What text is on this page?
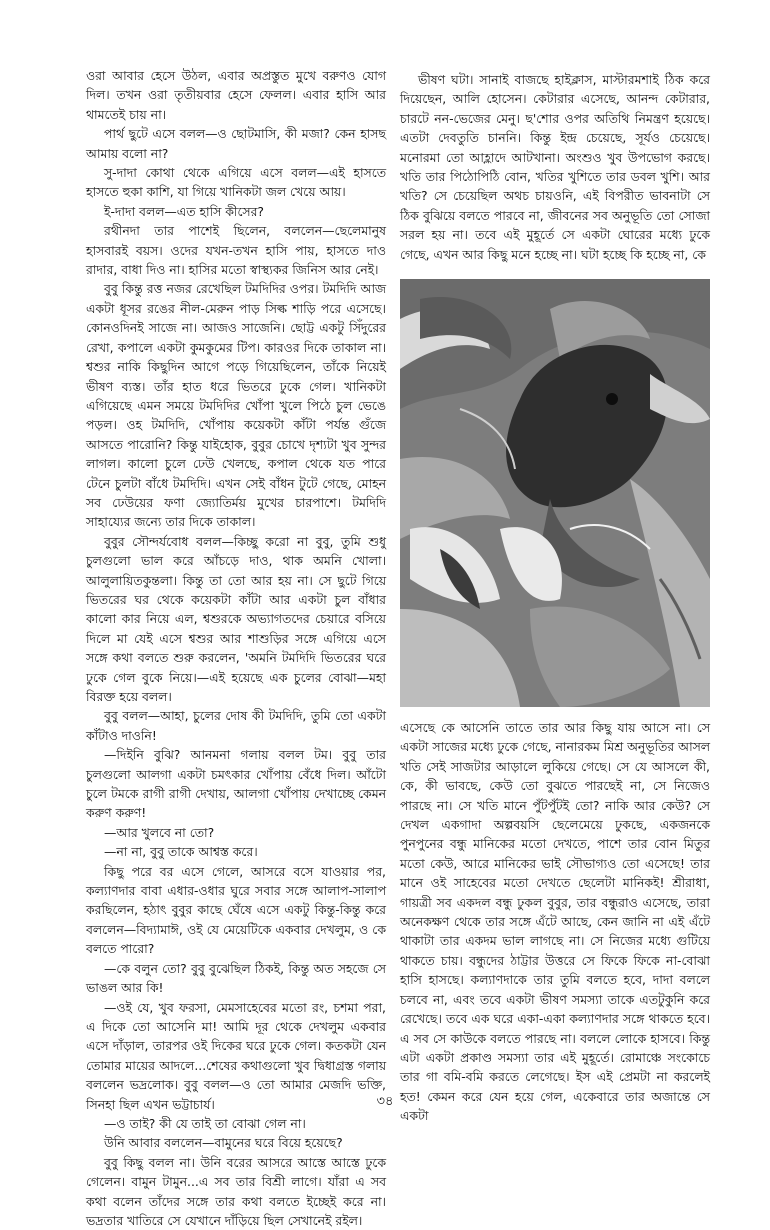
ওরা আবার হেসে উঠল, এবার অপ্রস্তুত মুখে বরুণও যোগ দিল। তখন ওরা তৃতীয়বার হেসে ফেলল। এবার হাসি আর থামতেই চায় না।

পার্থ ছুটে এসে বলল—ও ছোটমাসি, কী মজা? কেন হাসছ আমায় বলো না?

সু-দাদা কোথা থেকে এগিয়ে এসে বলল—এই হাসতে হাসতে হুকা কাশি, যা গিয়ে খানিকটা জল খেয়ে আয়।

ই-দাদা বলল—এত হাসি কীসের?

রথীনদা তার পাশেই ছিলেন, বললেন—ছেলেমানুষ হাসবারই বয়স। ওদের যখন-তখন হাসি পায়, হাসতে দাও রাদার, বাধা দিও না। হাসির মতো স্বাস্থ্যকর জিনিস আর নেই।

বুবু কিন্তু রত্ত নজর রেখেছিল টমদিদির ওপর। টমদিদি আজ একটা ধূসর রঙের নীল-মেরুন পাড় সিল্ক শাড়ি পরে এসেছে। কোনওদিনই সাজে না। আজও সাজেনি। ছোট্ট একটু সিঁদুরের রেখা, কপালে একটা কুমকুমের টিপ। কারওর দিকে তাকাল না। শ্বশুর নাকি কিছুদিন আগে পড়ে গিয়েছিলেন, তাঁকে নিয়েই ভীষণ ব্যস্ত। তাঁর হাত ধরে ভিতরে ঢুকে গেল। খানিকটা এগিয়েছে এমন সময়ে টমদিদির খোঁপা খুলে পিঠে চুল ভেঙে পড়ল। ওহ টমদিদি, খোঁপায় কয়েকটা কাঁটা পর্যন্ত গুঁজে আসতে পারোনি? কিন্তু যাইহোক, বুবুর চোখে দৃশ্যটা খুব সুন্দর লাগল। কালো চুলে ঢেউ খেলছে, কপাল থেকে যত পারে টেনে চুলটা বাঁধে টমদিদি। এখন সেই বাঁধন টুটে গেছে, মোহন সব ঢেউয়ের ফণা জ্যোতির্ময় মুখের চারপাশে। টমদিদি সাহায্যের জন্যে তার দিকে তাকাল।

বুবুর সৌন্দর্যবোধ বলল—কিচ্ছু করো না বুবু, তুমি শুধু চুলগুলো ভাল করে আঁচড়ে দাও, থাক অমনি খোলা। আলুলায়িতকুন্তলা। কিন্তু তা তো আর হয় না। সে ছুটে গিয়ে ভিতরের ঘর থেকে কয়েকটা কাঁটা আর একটা চুল বাঁধার কালো কার নিয়ে এল, শ্বশুরকে অভ্যাগতদের চেয়ারে বসিয়ে দিলে মা যেই এসে শ্বশুর আর শাশুড়ির সঙ্গে এগিয়ে এসে সঙ্গে কথা বলতে শুরু করলেন, 'অমনি টমদিদি ভিতরের ঘরে ঢুকে গেল বুকে নিয়ে।—এই হয়েছে এক চুলের বোঝা—মহা বিরক্ত হয়ে বলল।

বুবু বলল—আহা, চুলের দোষ কী টমদিদি, তুমি তো একটা কাঁটাও দাওনি!

—দিইনি বুঝি? আনমনা গলায় বলল টম। বুবু তার চুলগুলো আলগা একটা চমৎকার খোঁপায় বেঁধে দিল। আঁটো চুলে টমকে রাগী রাগী দেখায়, আলগা খোঁপায় দেখাচ্ছে কেমন করুণ করুণ!

—আর খুলবে না তো?

—না না, বুবু তাকে আশ্বস্ত করে।

কিছু পরে বর এসে গেলে, আসরে বসে যাওয়ার পর, কল্যাণদার বাবা এধার-ওধার ঘুরে সবার সঙ্গে আলাপ-সালাপ করছিলেন, হঠাৎ বুবুর কাছে ঘেঁষে এসে একটু কিন্তু-কিন্তু করে বললেন—বিদ্যামাঈ, ওই যে মেয়েটিকে একবার দেখলুম, ও কে বলতে পারো?

—কে বলুন তো? বুবু বুঝেছিল ঠিকই, কিন্তু অত সহজে সে ভাঙল আর কি!

—ওই যে, খুব ফরসা, মেমসাহেবের মতো রং, চশমা পরা, এ দিকে তো আসেনি মা! আমি দূর থেকে দেখলুম একবার এসে দাঁড়াল, তারপর ওই দিকের ঘরে ঢুকে গেল। কতকটা যেন তোমার মায়ের আদলে...শেষের কথাগুলো খুব দ্বিধাগ্রস্ত গলায় বললেন ভদ্রলোক। বুবু বলল—ও তো আমার মেজদি ভক্তি, সিনহা ছিল এখন ভট্টাচার্য।

—ও তাই? কী যে তাই তা বোঝা গেল না।

উনি আবার বললেন—বামুনের ঘরে বিয়ে হয়েছে?

বুবু কিছু বলল না। উনি বরের আসরে আস্তে আস্তে ঢুকে গেলেন। বামুন টামুন...এ সব তার বিশ্রী লাগে। যাঁরা এ সব কথা বলেন তাঁদের সঙ্গে তার কথা বলতে ইচ্ছেই করে না। ভদ্রতার খাতিরে সে যেখানে দাঁড়িয়ে ছিল সেখানেই রইল।

ভীষণ ঘটা। সানাই বাজছে হাইক্লাস, মাস্টারমশাই ঠিক করে দিয়েছেন, আলি হোসেন। কেটারার এসেছে, আনন্দ কেটারার, চারটে নন-ভেজের মেনু। ছ'শোর ওপর অতিথি নিমন্ত্রণ হয়েছে। এতটা দেবতুতি চাননি। কিন্তু ইন্দ্র চেয়েছে, সূর্যও চেয়েছে। মনোরমা তো আহ্লাদে আটখানা। অংশুও খুব উপভোগ করছে। খতি তার পিঠোপিঠি বোন, খতির খুশিতে তার ডবল খুশি। আর খতি? সে চেয়েছিল অথচ চায়ওনি, এই বিপরীত ভাবনাটা সে ঠিক বুঝিয়ে বলতে পারবে না, জীবনের সব অনুভূতি তো সোজা সরল হয় না। তবে এই মুহূর্তে সে একটা ঘোরের মধ্যে ঢুকে গেছে, এখন আর কিছু মনে হচ্ছে না। ঘটা হচ্ছে কি হচ্ছে না, কে

এসেছে কে আসেনি তাতে তার আর কিছু যায় আসে না। সে একটা সাজের মধ্যে ঢুকে গেছে, নানারকম মিশ্র অনুভূতির আসল খতি সেই সাজটার আড়ালে লুকিয়ে গেছে। সে যে আসলে কী, কে, কী ভাবছে, কেউ তো বুঝতে পারছেই না, সে নিজেও পারছে না। সে খতি মানে পুঁটপুঁটই তো? নাকি আর কেউ? সে দেখল একগাদা অল্পবয়সি ছেলেমেয়ে ঢুকছে, একজনকে পুনপুনের বন্ধু মানিকের মতো দেখতে, পাশে তার বোন মিতুর মতো কেউ, আরে মানিকের ভাই সৌভাগ্যও তো এসেছে! তার মানে ওই সাহেবের মতো দেখতে ছেলেটা মানিকই! শ্রীরাধা, গায়ত্রী সব একদল বন্ধু ঢুকল বুবুর, তার বন্ধুরাও এসেছে, তারা অনেকক্ষণ থেকে তার সঙ্গে এঁটে আছে, কেন জানি না এই এঁটে থাকাটা তার একদম ভাল লাগছে না। সে নিজের মধ্যে গুটিয়ে থাকতে চায়। বন্ধুদের ঠাট্টার উত্তরে সে ফিকে ফিকে না-বোঝা হাসি হাসছে। কল্যাণদাকে তার তুমি বলতে হবে, দাদা বললে চলবে না, এবং তবে একটা ভীষণ সমস্যা তাকে এতটুকুনি করে রেখেছে। তবে এক ঘরে একা-একা কল্যাণদার সঙ্গে থাকতে হবে। এ সব সে কাউকে বলতে পারছে না। বললে লোকে হাসবে। কিন্তু এটা একটা প্রকাণ্ড সমস্যা তার এই মুহূর্তে। রোমাঞ্চে সংকোচে তার গা বমি-বমি করতে লেগেছে। ইস এই প্রেমটা না করলেই হত! কেমন করে যেন হয়ে গেল, একেবারে তার অজান্তে সে একটা

৩৪
